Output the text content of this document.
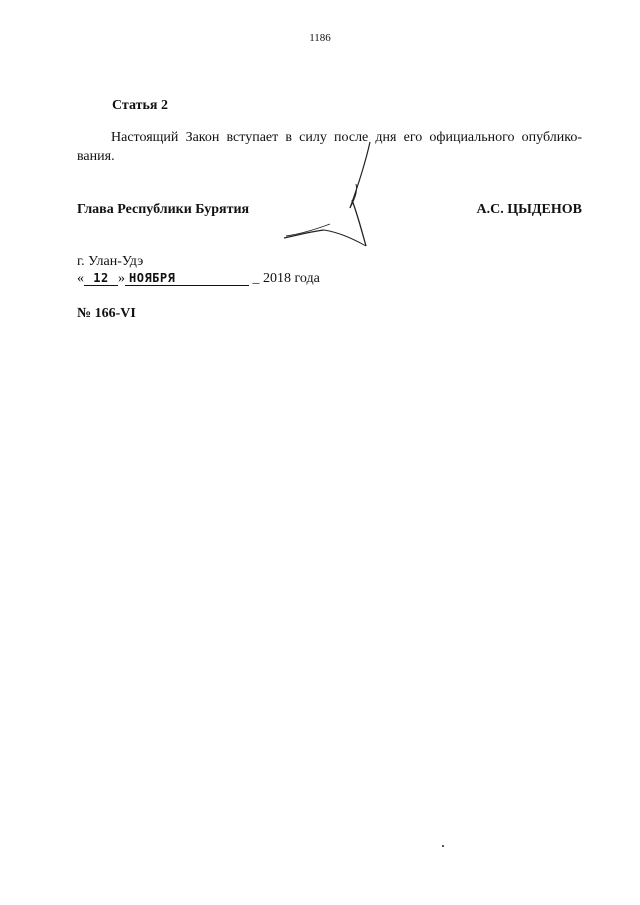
1186
Статья 2

Настоящий Закон вступает в силу после дня его официального опублико-вания.

Глава Республики Бурятия	А.С. ЦЫДЕНОВ
г. Улан-Удэ
« 12 » НОЯБРЯ	_ 2018 года
№ 166-VI
